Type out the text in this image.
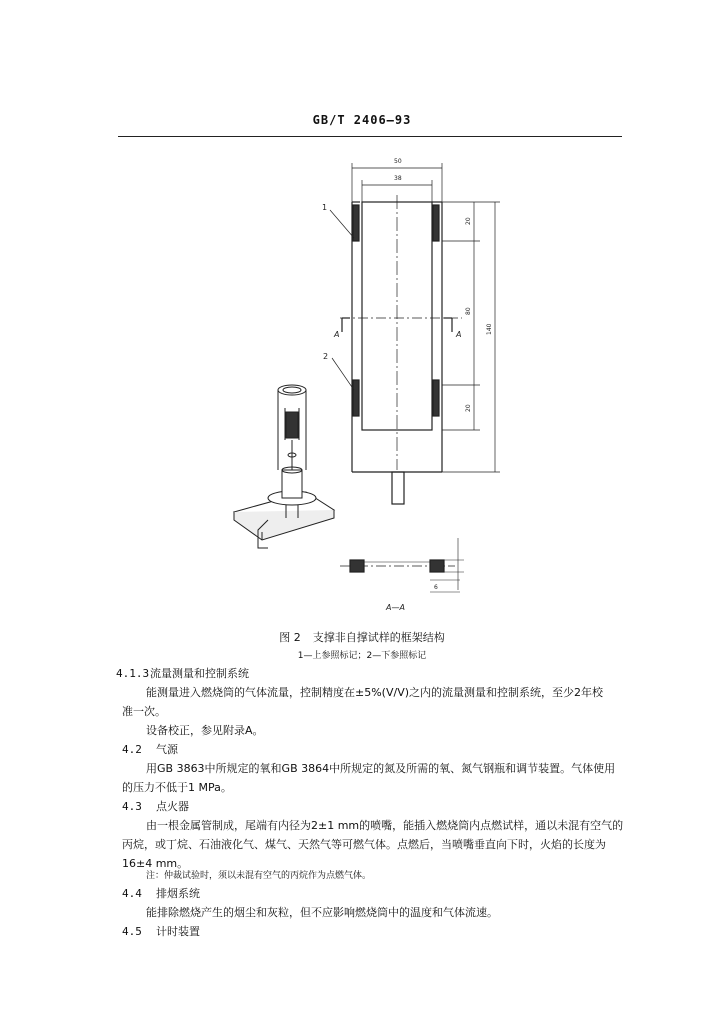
GB/T 2406—93
50
38
20
80
20
140
6
1
2
A	A
A—A
图 2 支撑非自撑试样的框架结构
1—上参照标记；2—下参照标记
4.1.3流量测量和控制系统
能测量进入燃烧筒的气体流量，控制精度在±5%(V/V)之内的流量测量和控制系统，至少2年校
准一次。
设备校正，参见附录A。
4.2 气源
用GB 3863中所规定的氧和GB 3864中所规定的氮及所需的氧、氮气钢瓶和调节装置。气体使用
的压力不低于1 MPa。
4.3 点火器
由一根金属管制成，尾端有内径为2±1 mm的喷嘴，能插入燃烧筒内点燃试样，通以未混有空气的
丙烷，或丁烷、石油液化气、煤气、天然气等可燃气体。点燃后，当喷嘴垂直向下时，火焰的长度为
16±4 mm。
注：仲裁试验时，须以未混有空气的丙烷作为点燃气体。
4.4 排烟系统
能排除燃烧产生的烟尘和灰粒，但不应影响燃烧筒中的温度和气体流速。
4.5 计时装置
